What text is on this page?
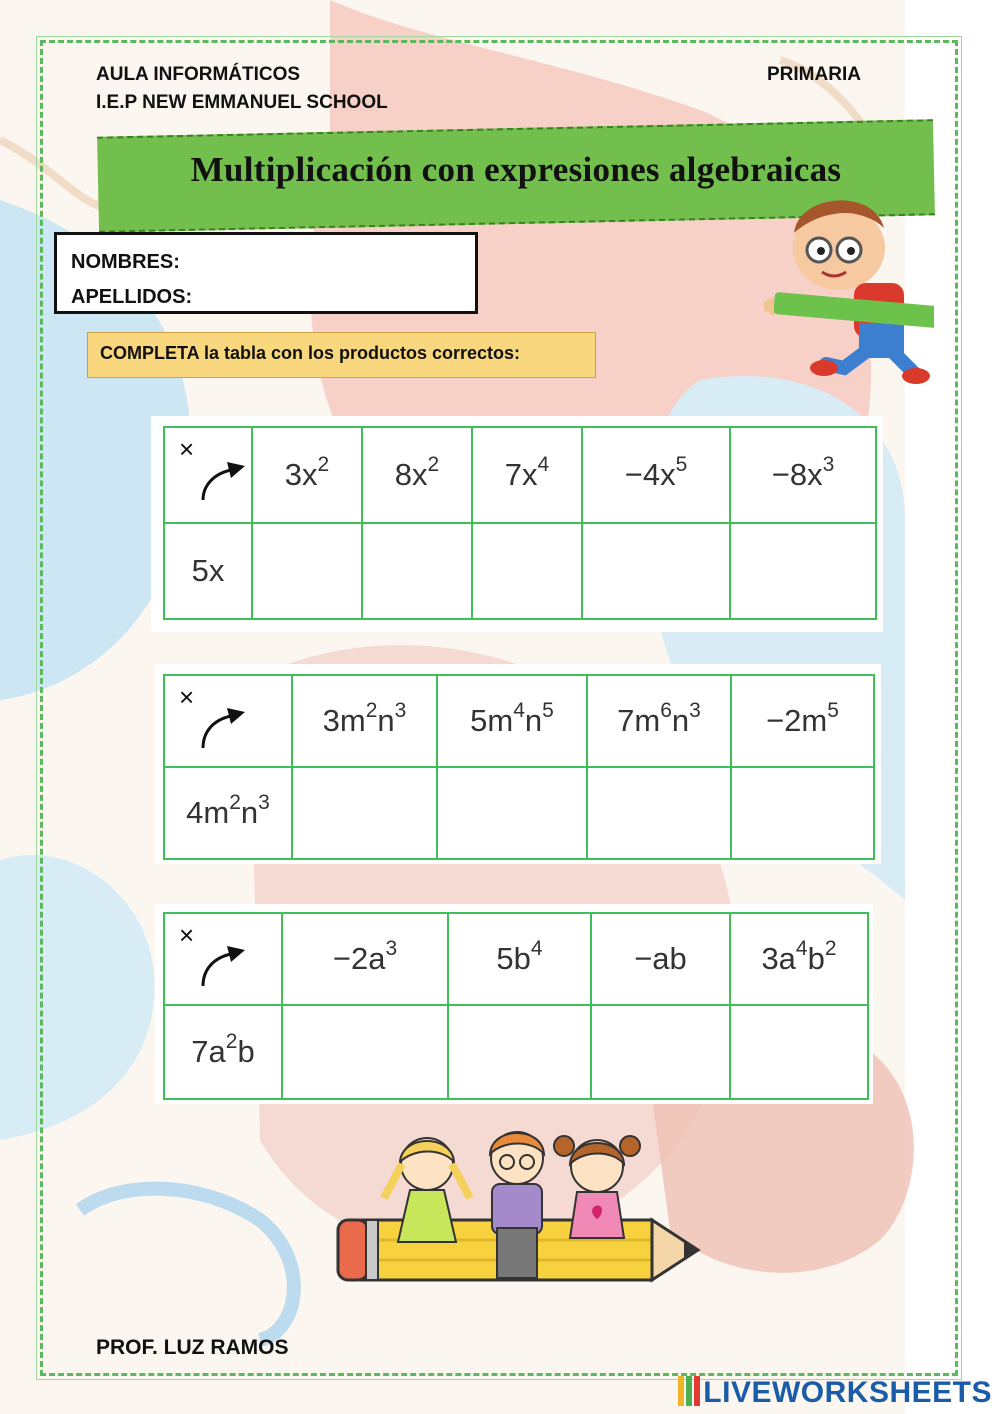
AULA INFORMÁTICOS
I.E.P NEW EMMANUEL SCHOOL
PRIMARIA
Multiplicación con expresiones algebraicas
NOMBRES:
APELLIDOS:
COMPLETA la tabla con los productos correctos:
×	$3x^2$	$8x^2$	$7x^4$	$-4x^5$	$-8x^3$
5x					
×	$3m^2n^3$	$5m^4n^5$	$7m^6n^3$	$-2m^5$
$4m^2n^3$				
×	$-2a^3$	$5b^4$	−ab	$3a^4b^2$
$7a^2b$				
PROF. LUZ RAMOS
LIVEWORKSHEETS
